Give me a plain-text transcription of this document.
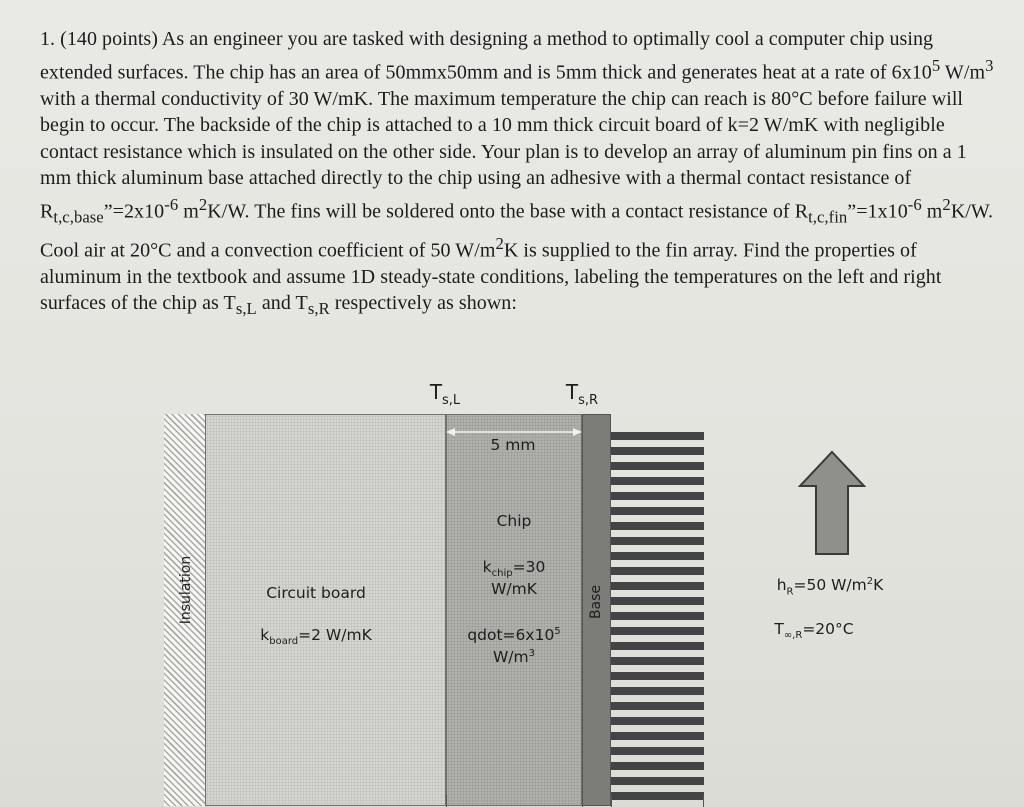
1. (140 points) As an engineer you are tasked with designing a method to optimally cool a computer chip using extended surfaces. The chip has an area of 50mmx50mm and is 5mm thick and generates heat at a rate of $6x10^5$ $W/m^3$ with a thermal conductivity of 30 W/mK. The maximum temperature the chip can reach is 80°C before failure will begin to occur. The backside of the chip is attached to a 10 mm thick circuit board of k=2 W/mK with negligible contact resistance which is insulated on the other side. Your plan is to develop an array of aluminum pin fins on a 1 mm thick aluminum base attached directly to the chip using an adhesive with a thermal contact resistance of $R_{t,c,base}”=2x10^{-6}$ $m^2K/W$. The fins will be soldered onto the base with a contact resistance of $R_{t,c,fin}”=1x10^{-6}$ $m^2K/W$. Cool air at 20°C and a convection coefficient of 50 $W/m^2K$ is supplied to the fin array. Find the properties of aluminum in the textbook and assume 1D steady-state conditions, labeling the temperatures on the left and right surfaces of the chip as $T_{s,L}$ and $T_{s,R}$ respectively as shown:
$T_{s,L}$	$T_{s,R}$
Insulation
5 mm
Circuit board
$k_{board}=2$ W/mK
Chip
$k_{chip}=30$
W/mK
$qdot=6x10^5$
$W/m^3$
Base	$h_R=50$ $W/m^2K$
$T_{\infty,R}=20^\circ C$
